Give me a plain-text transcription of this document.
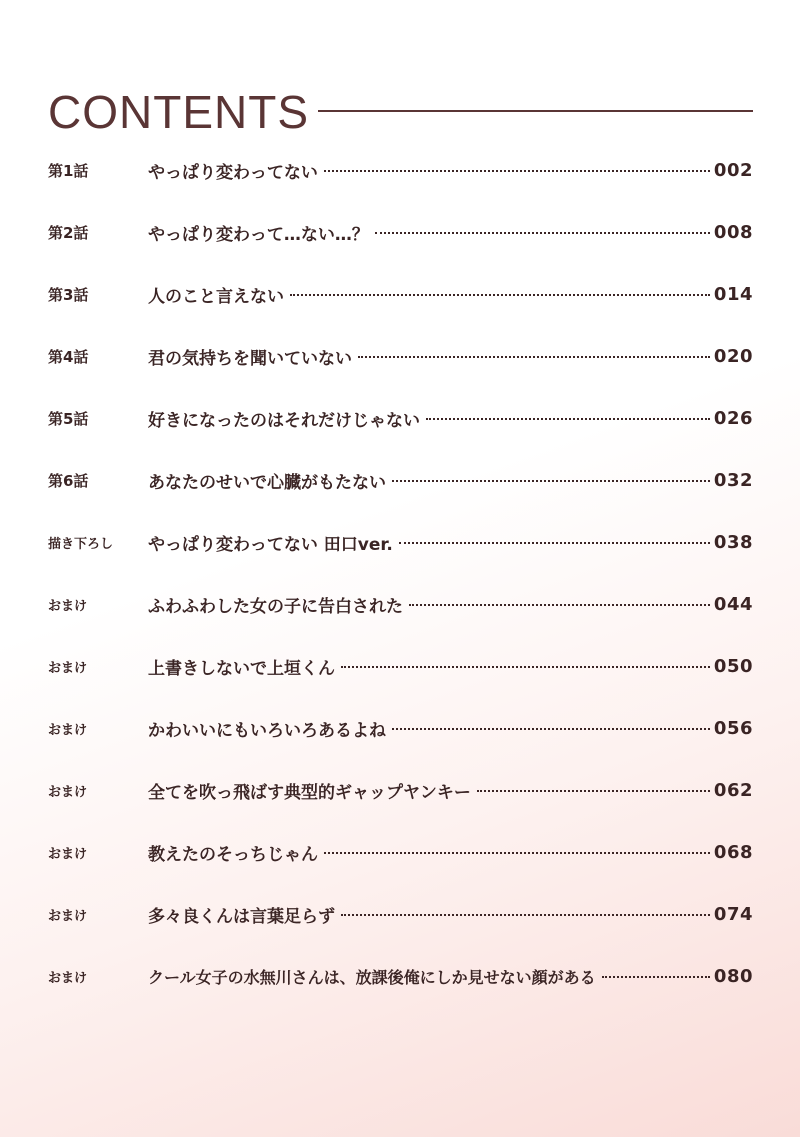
CONTENTS
第1話	やっぱり変わってない	002
第2話	やっぱり変わって…ない…？	008
第3話	人のこと言えない	014
第4話	君の気持ちを聞いていない	020
第5話	好きになったのはそれだけじゃない	026
第6話	あなたのせいで心臓がもたない	032
描き下ろし	やっぱり変わってない 田口ver.	038
おまけ	ふわふわした女の子に告白された	044
おまけ	上書きしないで上垣くん	050
おまけ	かわいいにもいろいろあるよね	056
おまけ	全てを吹っ飛ばす典型的ギャップヤンキー	062
おまけ	教えたのそっちじゃん	068
おまけ	多々良くんは言葉足らず	074
おまけ	クール女子の水無川さんは、放課後俺にしか見せない顔がある	080
